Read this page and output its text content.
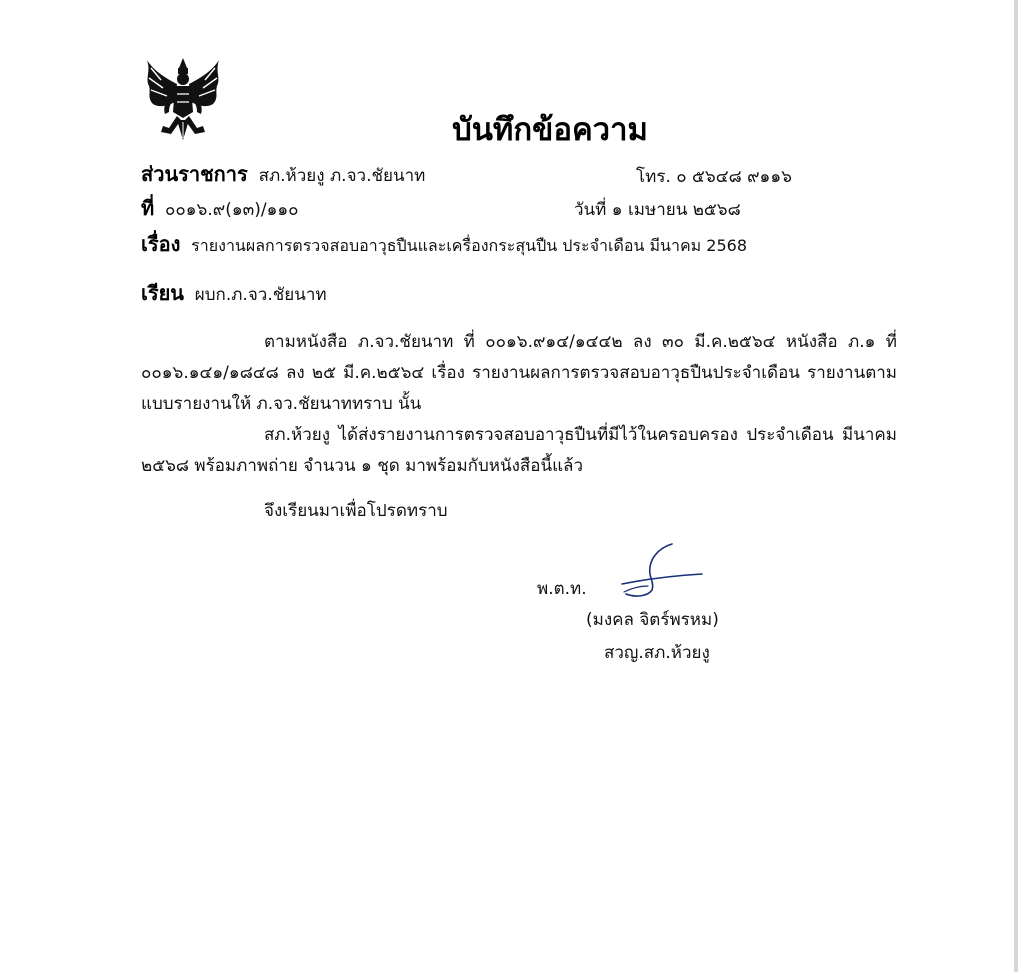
บันทึกข้อความ
ส่วนราชการ สภ.ห้วยงู ภ.จว.ชัยนาท	โทร. ๐ ๕๖๔๘ ๙๑๑๖
ที่ ๐๐๑๖.๙(๑๓)/๑๑๐	วันที่ ๑ เมษายน ๒๕๖๘
เรื่อง รายงานผลการตรวจสอบอาวุธปืนและเครื่องกระสุนปืน ประจำเดือน มีนาคม 2568
เรียน ผบก.ภ.จว.ชัยนาท

ตามหนังสือ ภ.จว.ชัยนาท ที่ ๐๐๑๖.๙๑๔/๑๔๔๒ ลง ๓๐ มี.ค.๒๕๖๔ หนังสือ ภ.๑ ที่ ๐๐๑๖.๑๔๑/๑๘๔๘ ลง ๒๕ มี.ค.๒๕๖๔ เรื่อง รายงานผลการตรวจสอบอาวุธปืนประจำเดือน รายงานตามแบบรายงานให้ ภ.จว.ชัยนาททราบ นั้น

สภ.ห้วยงู ได้ส่งรายงานการตรวจสอบอาวุธปืนที่มีไว้ในครอบครอง ประจำเดือน มีนาคม ๒๕๖๘ พร้อมภาพถ่าย จำนวน ๑ ชุด มาพร้อมกับหนังสือนี้แล้ว

จึงเรียนมาเพื่อโปรดทราบ
พ.ต.ท.
(มงคล จิตร์พรหม)
สวญ.สภ.ห้วยงู
